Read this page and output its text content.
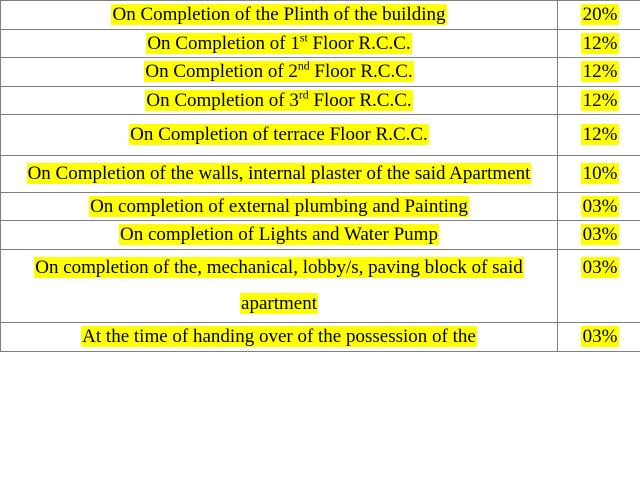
On Completion of the Plinth of the building	20%
On Completion of 1st Floor R.C.C.	12%
On Completion of 2nd Floor R.C.C.	12%
On Completion of 3rd Floor R.C.C.	12%
On Completion of terrace Floor R.C.C.	12%
On Completion of the walls, internal plaster of the said Apartment	10%
On completion of external plumbing and Painting	03%
On completion of Lights and Water Pump	03%
On completion of the, mechanical, lobby/s, paving block of said apartment	03%
At the time of handing over of the possession of the	03%
